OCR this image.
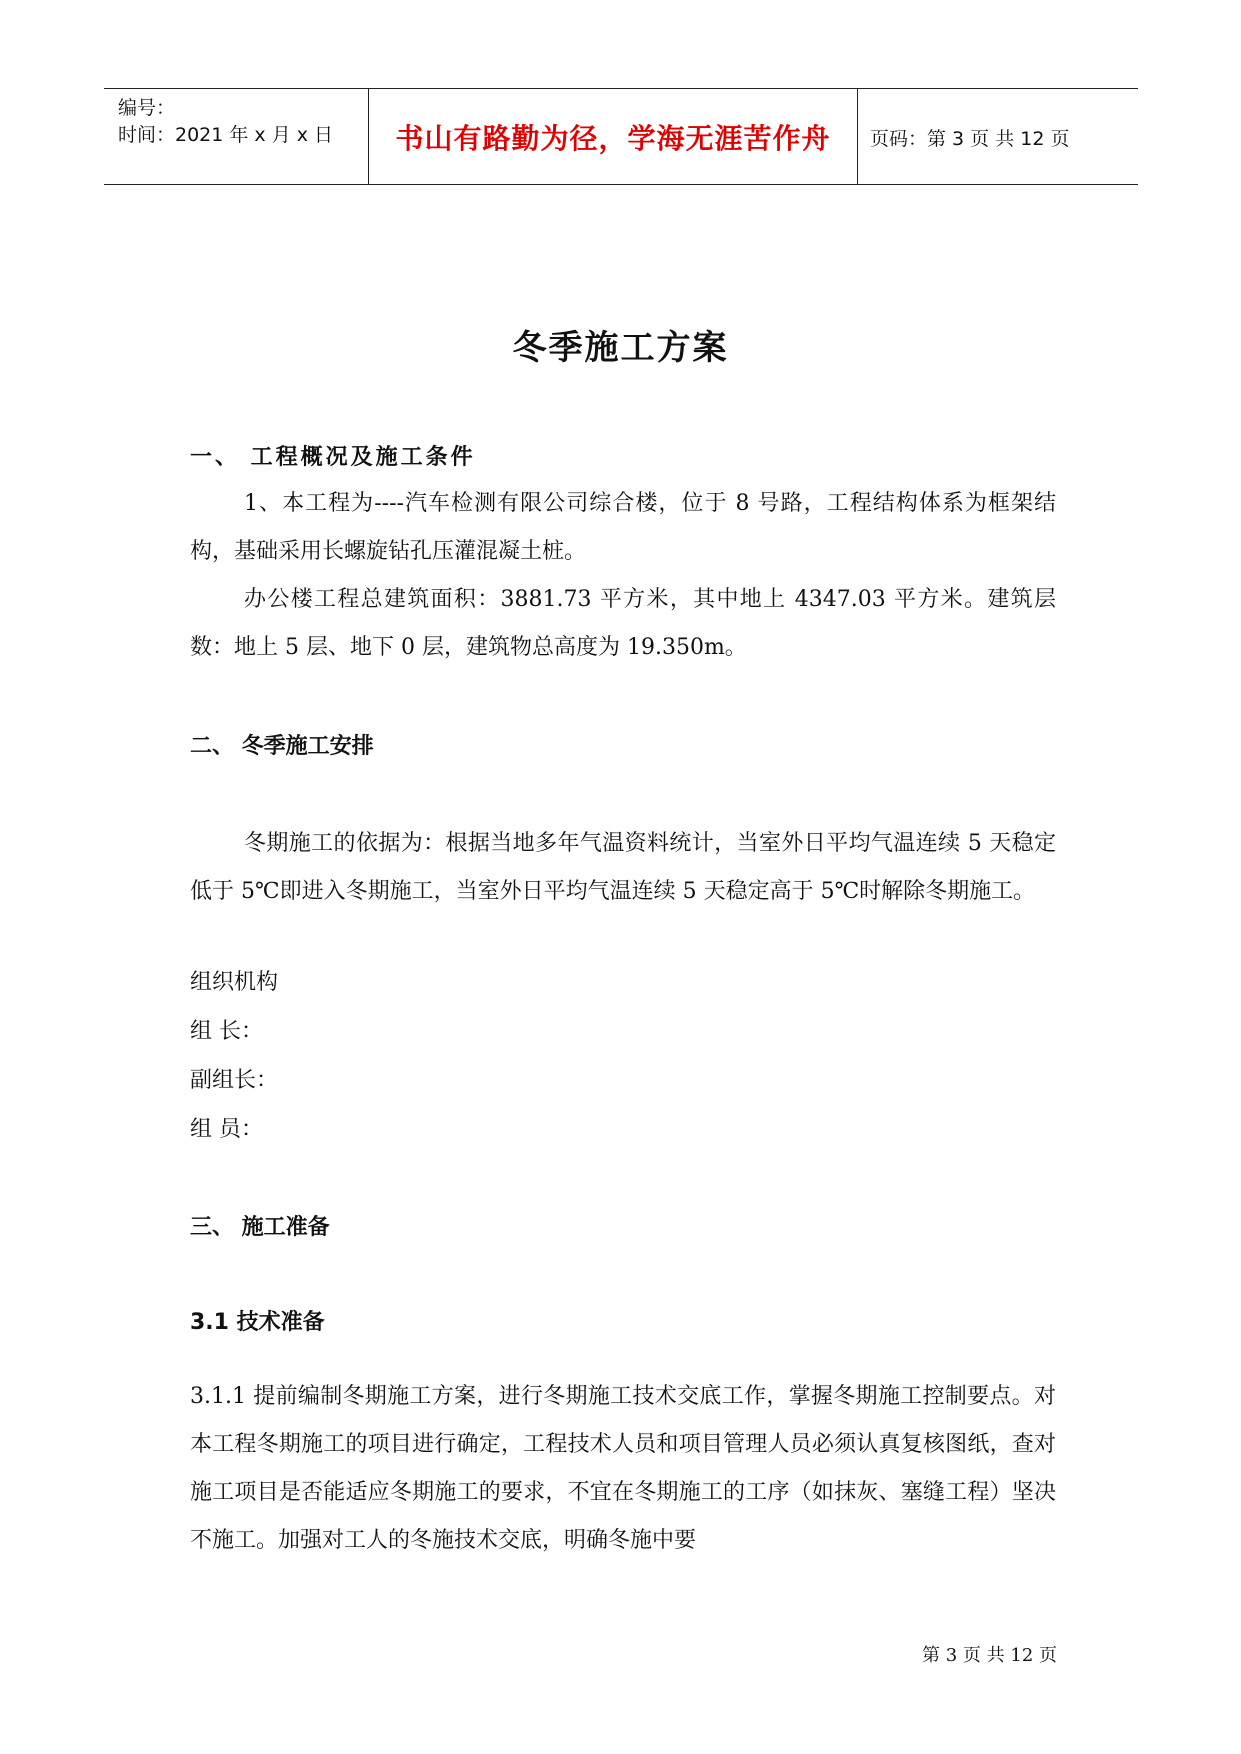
编号：
时间：2021 年 x 月 x 日	书山有路勤为径，学海无涯苦作舟	页码：第 3 页 共 12 页
冬季施工方案
一、 工程概况及施工条件
1、本工程为----汽车检测有限公司综合楼，位于 8 号路，工程结构体系为框架结构，基础采用长螺旋钻孔压灌混凝土桩。
办公楼工程总建筑面积：3881.73 平方米，其中地上 4347.03 平方米。建筑层数：地上 5 层、地下 0 层，建筑物总高度为 19.350m。
二、 冬季施工安排
冬期施工的依据为：根据当地多年气温资料统计，当室外日平均气温连续 5 天稳定低于 5℃即进入冬期施工，当室外日平均气温连续 5 天稳定高于 5℃时解除冬期施工。
组织机构
组 长：
副组长：
组 员：
三、 施工准备
3.1 技术准备
3.1.1 提前编制冬期施工方案，进行冬期施工技术交底工作，掌握冬期施工控制要点。对本工程冬期施工的项目进行确定，工程技术人员和项目管理人员必须认真复核图纸，查对施工项目是否能适应冬期施工的要求，不宜在冬期施工的工序（如抹灰、塞缝工程）坚决不施工。加强对工人的冬施技术交底，明确冬施中要
第 3 页 共 12 页
